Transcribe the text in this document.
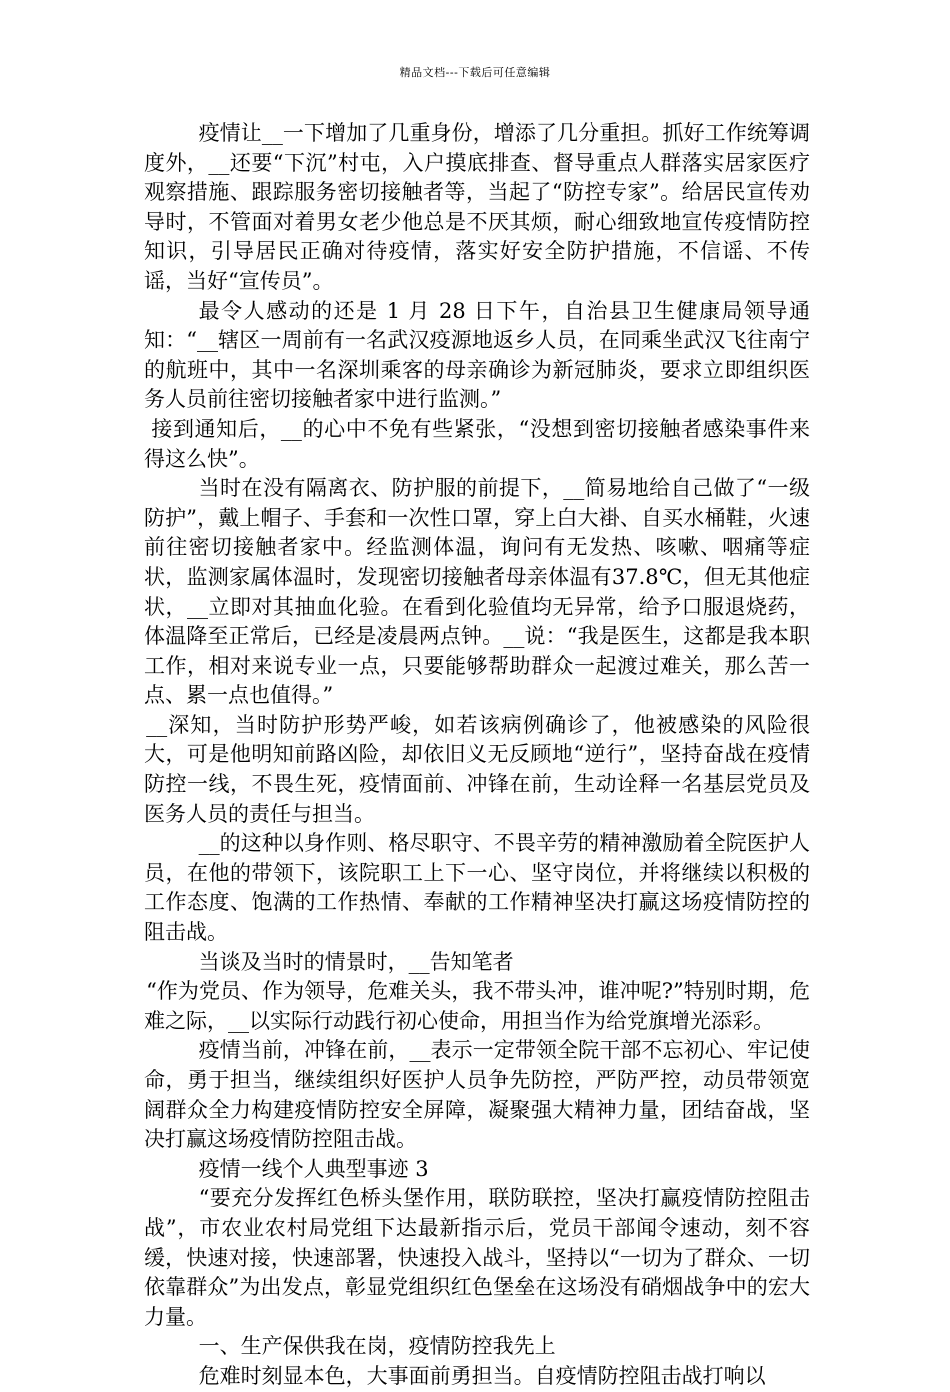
精品文档---下载后可任意编辑

疫情让__一下增加了几重身份，增添了几分重担。抓好工作统筹调度外，__还要“下沉”村屯，入户摸底排查、督导重点人群落实居家医疗观察措施、跟踪服务密切接触者等，当起了“防控专家”。给居民宣传劝导时，不管面对着男女老少他总是不厌其烦，耐心细致地宣传疫情防控知识，引导居民正确对待疫情，落实好安全防护措施，不信谣、不传谣，当好“宣传员”。

最令人感动的还是 1 月 28 日下午，自治县卫生健康局领导通知：“__辖区一周前有一名武汉疫源地返乡人员，在同乘坐武汉飞往南宁的航班中，其中一名深圳乘客的母亲确诊为新冠肺炎，要求立即组织医务人员前往密切接触者家中进行监测。”

接到通知后，__的心中不免有些紧张，“没想到密切接触者感染事件来得这么快”。

当时在没有隔离衣、防护服的前提下，__简易地给自己做了“一级防护”，戴上帽子、手套和一次性口罩，穿上白大褂、自买水桶鞋，火速前往密切接触者家中。经监测体温，询问有无发热、咳嗽、咽痛等症状，监测家属体温时，发现密切接触者母亲体温有37.8℃，但无其他症状，__立即对其抽血化验。在看到化验值均无异常，给予口服退烧药，体温降至正常后，已经是凌晨两点钟。__说：“我是医生，这都是我本职工作，相对来说专业一点，只要能够帮助群众一起渡过难关，那么苦一点、累一点也值得。”

__深知，当时防护形势严峻，如若该病例确诊了，他被感染的风险很大，可是他明知前路凶险，却依旧义无反顾地“逆行”，坚持奋战在疫情防控一线，不畏生死，疫情面前、冲锋在前，生动诠释一名基层党员及医务人员的责任与担当。

__的这种以身作则、格尽职守、不畏辛劳的精神激励着全院医护人员，在他的带领下，该院职工上下一心、坚守岗位，并将继续以积极的工作态度、饱满的工作热情、奉献的工作精神坚决打赢这场疫情防控的阻击战。

当谈及当时的情景时，__告知笔者

“作为党员、作为领导，危难关头，我不带头冲，谁冲呢?”特别时期，危难之际，__以实际行动践行初心使命，用担当作为给党旗增光添彩。

疫情当前，冲锋在前，__表示一定带领全院干部不忘初心、牢记使命，勇于担当，继续组织好医护人员争先防控，严防严控，动员带领宽阔群众全力构建疫情防控安全屏障，凝聚强大精神力量，团结奋战，坚决打赢这场疫情防控阻击战。

疫情一线个人典型事迹 3

“要充分发挥红色桥头堡作用，联防联控，坚决打赢疫情防控阻击战”，市农业农村局党组下达最新指示后，党员干部闻令速动，刻不容缓，快速对接，快速部署，快速投入战斗，坚持以“一切为了群众、一切依靠群众”为出发点，彰显党组织红色堡垒在这场没有硝烟战争中的宏大力量。

一、生产保供我在岗，疫情防控我先上

危难时刻显本色，大事面前勇担当。自疫情防控阻击战打响以
